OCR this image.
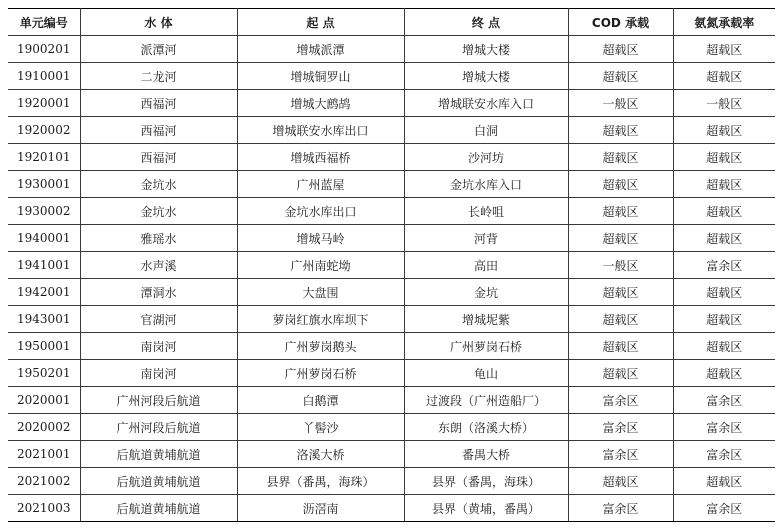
单元编号	水 体	起 点	终 点	COD 承载	氨氮承载率
1900201	派潭河	增城派潭	增城大楼	超载区	超载区
1910001	二龙河	增城铜罗山	增城大楼	超载区	超载区
1920001	西福河	增城大鹧鸪	增城联安水库入口	一般区	一般区
1920002	西福河	增城联安水库出口	白洞	超载区	超载区
1920101	西福河	增城西福桥	沙河坊	超载区	超载区
1930001	金坑水	广州蓝屋	金坑水库入口	超载区	超载区
1930002	金坑水	金坑水库出口	长岭咀	超载区	超载区
1940001	雅瑶水	增城马岭	河背	超载区	超载区
1941001	水声溪	广州南蛇坳	高田	一般区	富余区
1942001	潭洞水	大盘围	金坑	超载区	超载区
1943001	官湖河	萝岗红旗水库坝下	增城坭紫	超载区	超载区
1950001	南岗河	广州萝岗鹅头	广州萝岗石桥	超载区	超载区
1950201	南岗河	广州萝岗石桥	龟山	超载区	超载区
2020001	广州河段后航道	白鹅潭	过渡段（广州造船厂）	富余区	富余区
2020002	广州河段后航道	丫髻沙	东朗（洛溪大桥）	富余区	富余区
2021001	后航道黄埔航道	洛溪大桥	番禺大桥	富余区	富余区
2021002	后航道黄埔航道	县界（番禺，海珠）	县界（番禺，海珠）	超载区	超载区
2021003	后航道黄埔航道	沥滘南	县界（黄埔，番禺）	富余区	富余区
